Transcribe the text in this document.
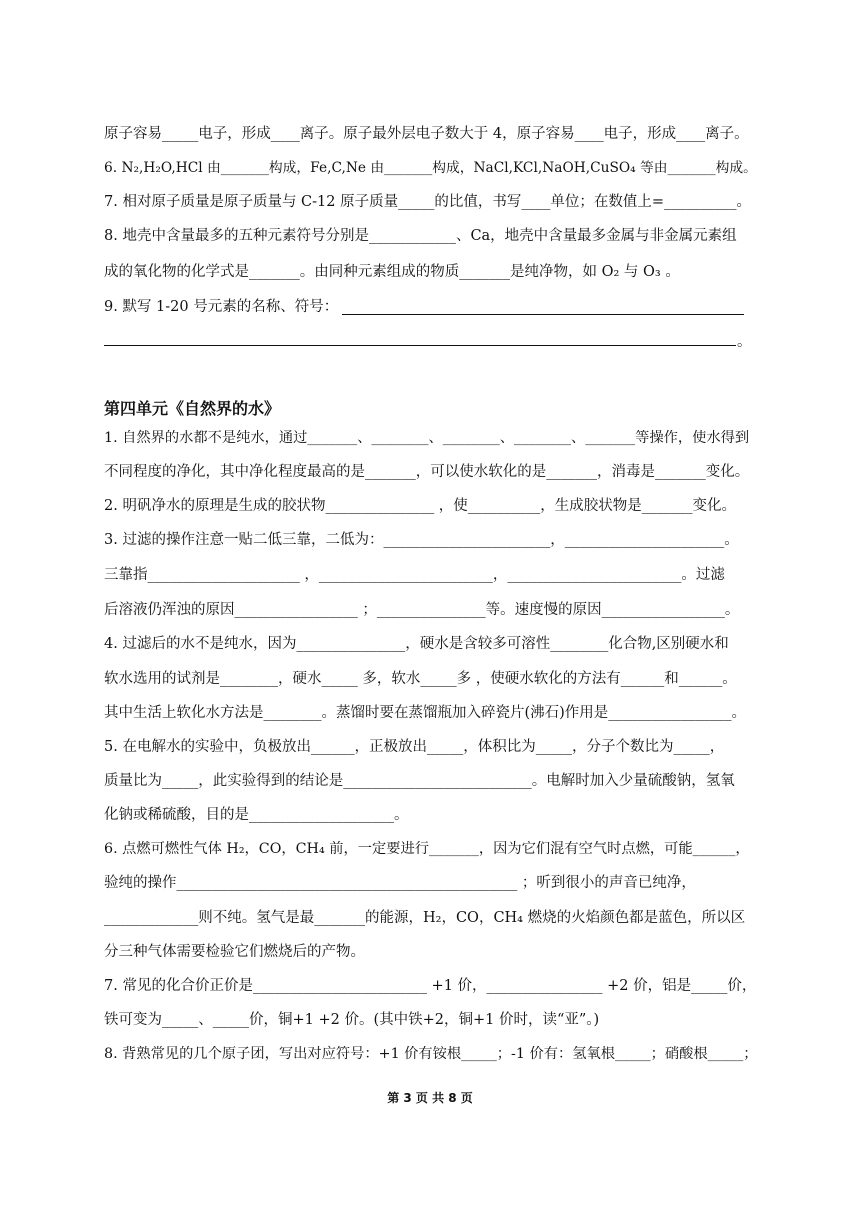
原子容易_____电子，形成____离子。原子最外层电子数大于 4，原子容易____电子，形成____离子。
6. N₂,H₂O,HCl 由_______构成，Fe,C,Ne 由_______构成，NaCl,KCl,NaOH,CuSO₄ 等由_______构成。
7. 相对原子质量是原子质量与 C-12 原子质量_____的比值，书写____单位；在数值上=__________。
8. 地壳中含量最多的五种元素符号分别是____________、Ca，地壳中含量最多金属与非金属元素组
成的氧化物的化学式是_______。由同种元素组成的物质_______是纯净物，如 O₂ 与 O₃ 。
9. 默写 1-20 号元素的名称、符号：
。
第四单元《自然界的水》
1. 自然界的水都不是纯水，通过_______、________、________、________、_______等操作，使水得到
不同程度的净化，其中净化程度最高的是_______，可以使水软化的是_______，消毒是_______变化。
2. 明矾净水的原理是生成的胶状物_______________ ，使__________，生成胶状物是_______变化。
3. 过滤的操作注意一贴二低三靠，二低为：_______________________，______________________。
三靠指_____________________ ，________________________，________________________。过滤
后溶液仍浑浊的原因_________________ ；_______________等。速度慢的原因_________________。
4. 过滤后的水不是纯水，因为_______________，硬水是含较多可溶性________化合物,区别硬水和
软水选用的试剂是________，硬水_____ 多，软水_____多 ，使硬水软化的方法有______和______。
其中生活上软化水方法是________。蒸馏时要在蒸馏瓶加入碎瓷片(沸石)作用是_________________。
5. 在电解水的实验中，负极放出______，正极放出_____，体积比为_____，分子个数比为_____，
质量比为_____，此实验得到的结论是__________________________。电解时加入少量硫酸钠，氢氧
化钠或稀硫酸，目的是____________________。
6. 点燃可燃性气体 H₂，CO，CH₄ 前，一定要进行_______，因为它们混有空气时点燃，可能______，
验纯的操作_______________________________________________ ；听到很小的声音已纯净，
_____________则不纯。氢气是最_______的能源，H₂，CO，CH₄ 燃烧的火焰颜色都是蓝色，所以区
分三种气体需要检验它们燃烧后的产物。
7. 常见的化合价正价是________________________ +1 价，________________ +2 价，铝是_____价，
铁可变为_____、_____价，铜+1 +2 价。(其中铁+2，铜+1 价时，读“亚”。)
8. 背熟常见的几个原子团，写出对应符号：+1 价有铵根_____；-1 价有：氢氧根_____；硝酸根_____；
第 3 页 共 8 页
